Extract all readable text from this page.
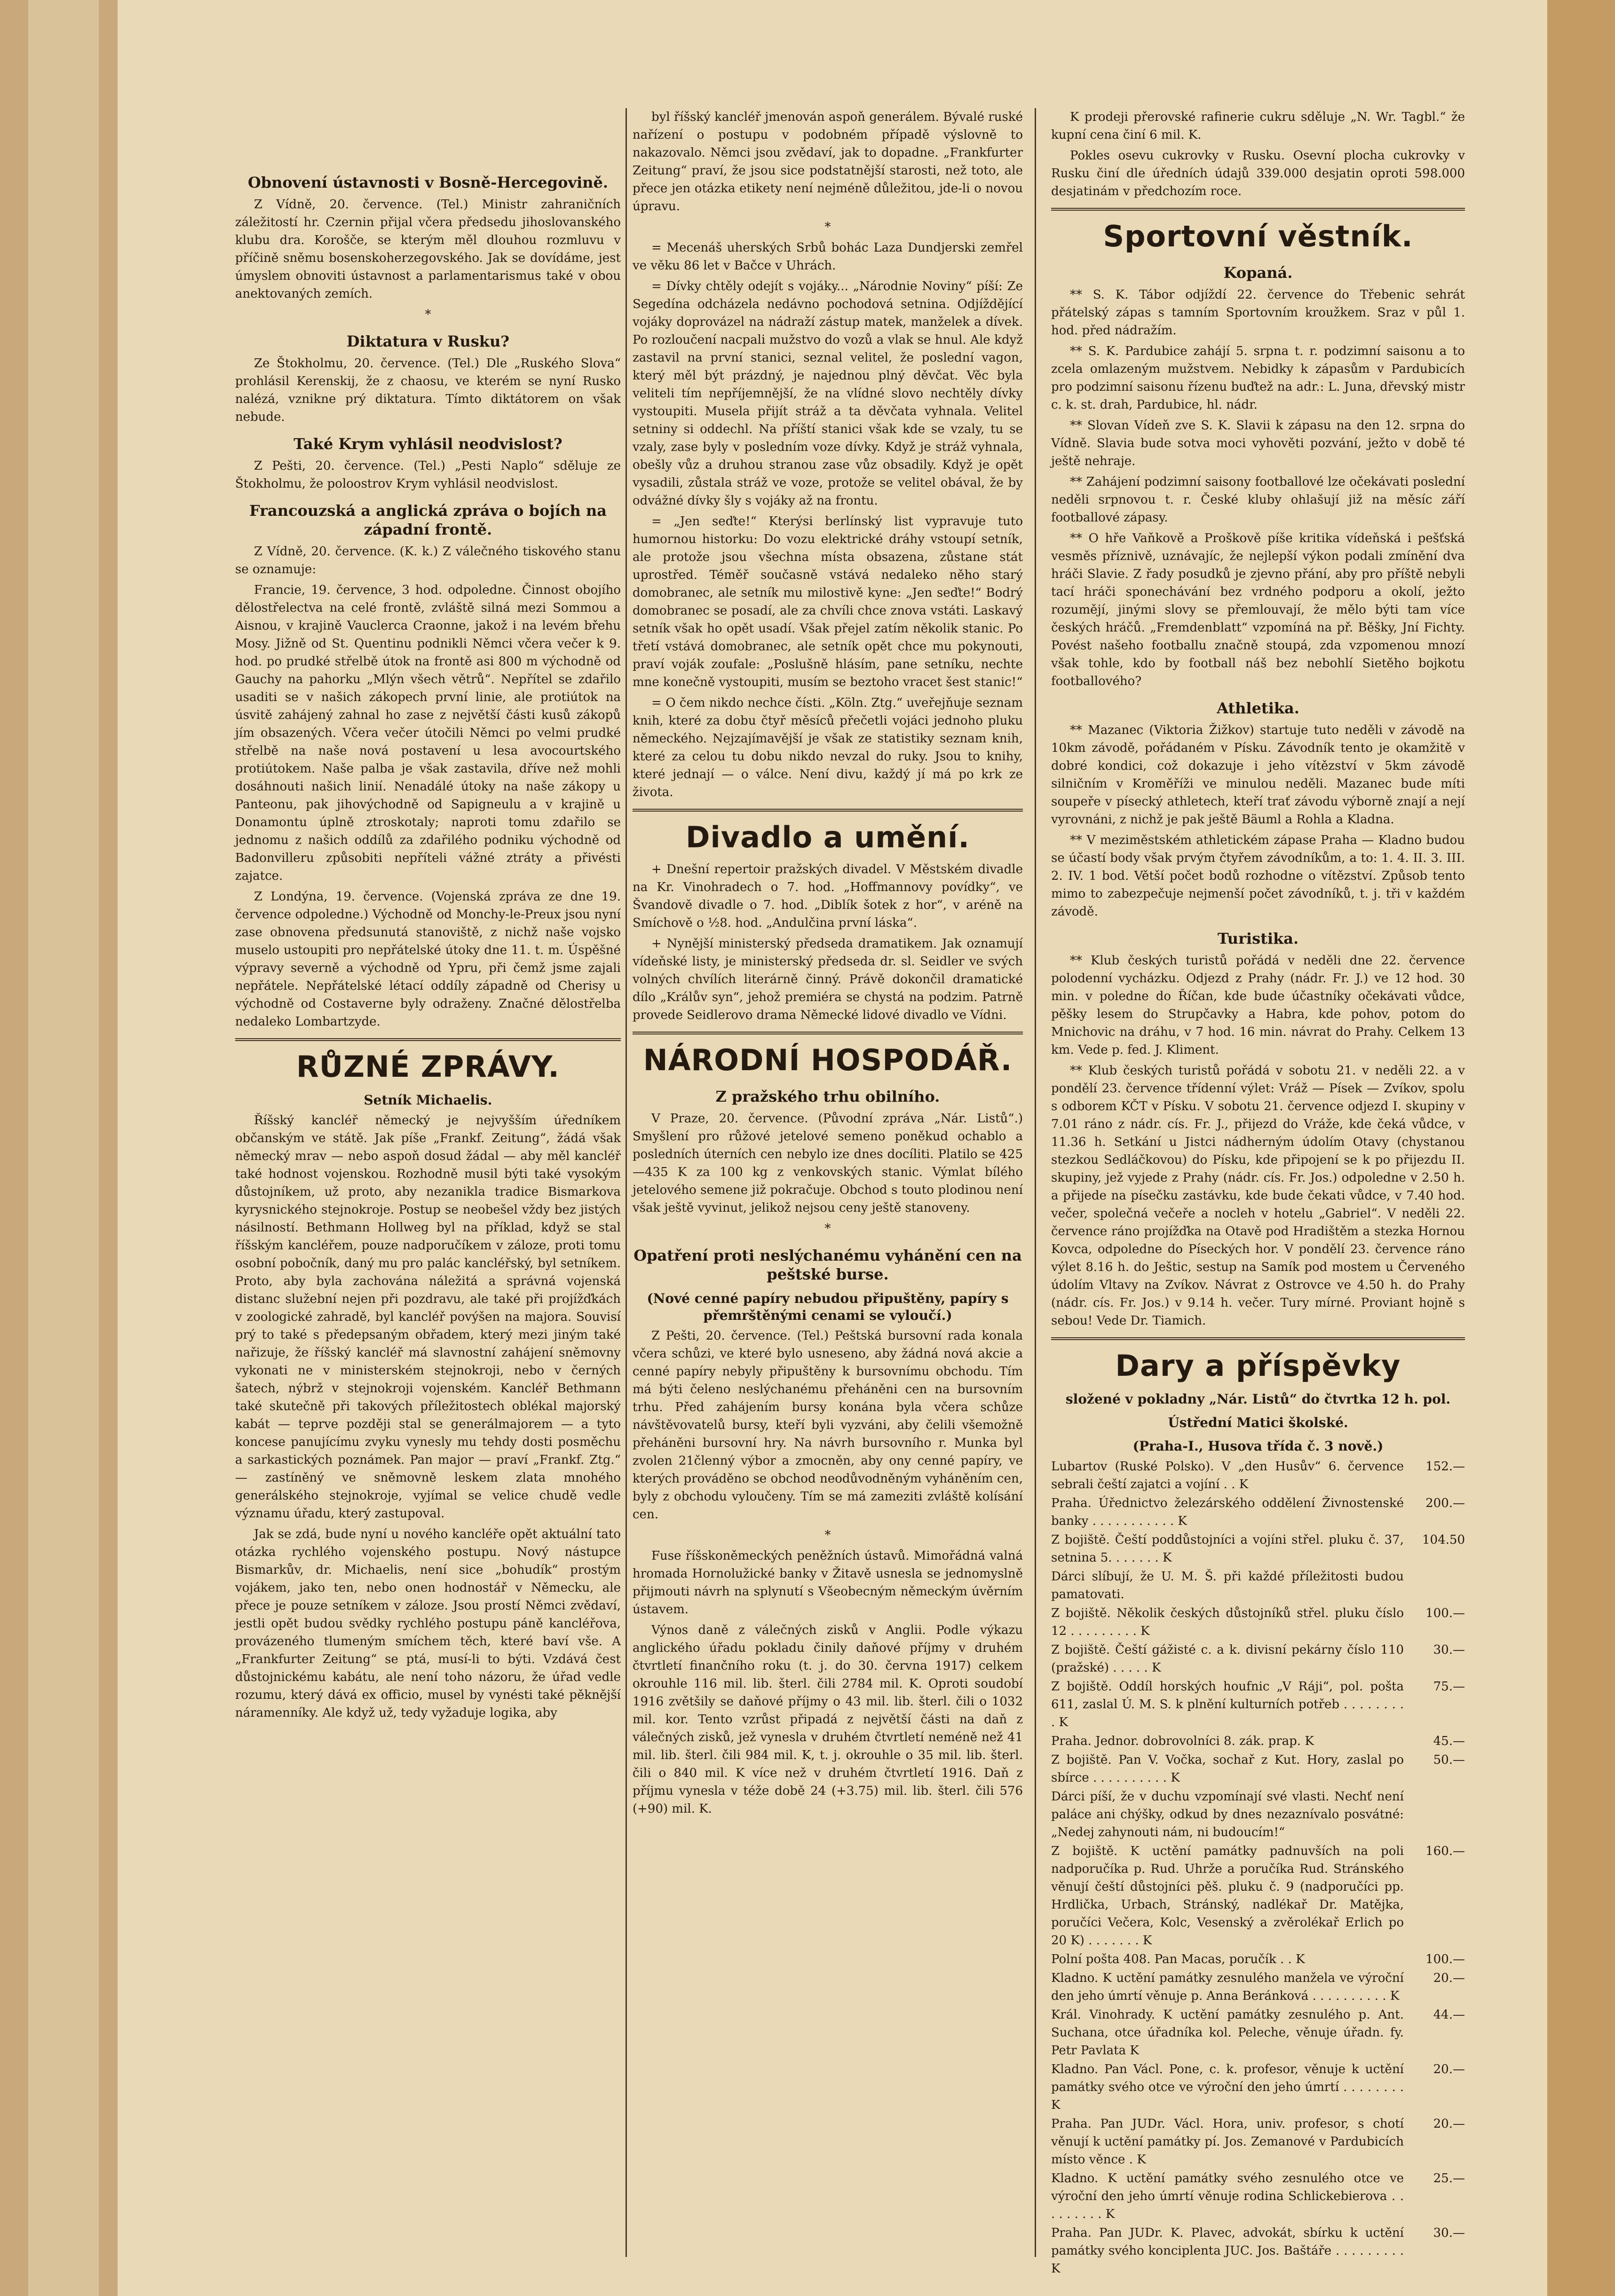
Obnovení ústavnosti v Bosně-Hercegovině.

Z Vídně, 20. července. (Tel.) Ministr zahraničních záležitostí hr. Czernin přijal včera předsedu jihoslovanského klubu dra. Korošče, se kterým měl dlouhou rozmluvu v příčině sněmu bosenskoherzegovského. Jak se dovídáme, jest úmyslem obnoviti ústavnost a parlamentarismus také v obou anektovaných zemích.

*
Diktatura v Rusku?

Ze Štokholmu, 20. července. (Tel.) Dle „Ruského Slova“ prohlásil Kerenskij, že z chaosu, ve kterém se nyní Rusko nalézá, vznikne prý diktatura. Tímto diktátorem on však nebude.

Také Krym vyhlásil neodvislost?

Z Pešti, 20. července. (Tel.) „Pesti Naplo“ sděluje ze Štokholmu, že poloostrov Krym vyhlásil neodvislost.

Francouzská a anglická zpráva o bojích na západní frontě.

Z Vídně, 20. července. (K. k.) Z válečného tiskového stanu se oznamuje:

Francie, 19. července, 3 hod. odpoledne. Činnost obojího dělostřelectva na celé frontě, zvláště silná mezi Sommou a Aisnou, v krajině Vauclerca Craonne, jakož i na levém břehu Mosy. Jižně od St. Quentinu podnikli Němci včera večer k 9. hod. po prudké střelbě útok na frontě asi 800 m východně od Gauchy na pahorku „Mlýn všech větrů“. Nepřítel se zdařilo usaditi se v našich zákopech první linie, ale protiútok na úsvitě zahájený zahnal ho zase z největší části kusů zákopů jím obsazených. Včera večer útočili Němci po velmi prudké střelbě na naše nová postavení u lesa avocourtského protiútokem. Naše palba je však zastavila, dříve než mohli dosáhnouti našich linií. Nenadálé útoky na naše zákopy u Panteonu, pak jihovýchodně od Sapigneulu a v krajině u Donamontu úplně ztroskotaly; naproti tomu zdařilo se jednomu z našich oddílů za zdařilého podniku východně od Badonvilleru způsobiti nepříteli vážné ztráty a přivésti zajatce.

Z Londýna, 19. července. (Vojenská zpráva ze dne 19. července odpoledne.) Východně od Monchy-le-Preux jsou nyní zase obnovena předsunutá stanoviště, z nichž naše vojsko muselo ustoupiti pro nepřátelské útoky dne 11. t. m. Úspěšné výpravy severně a východně od Ypru, při čemž jsme zajali nepřátele. Nepřátelské létací oddíly západně od Cherisy u východně od Costaverne byly odraženy. Značné dělostřelba nedaleko Lombartzyde.

RŮZNÉ ZPRÁVY.
Setník Michaelis.

Říšský kancléř německý je nejvyšším úředníkem občanským ve státě. Jak píše „Frankf. Zeitung“, žádá však německý mrav — nebo aspoň dosud žádal — aby měl kancléř také hodnost vojenskou. Rozhodně musil býti také vysokým důstojníkem, už proto, aby nezanikla tradice Bismarkova kyrysnického stejnokroje. Postup se neobešel vždy bez jistých násilností. Bethmann Hollweg byl na příklad, když se stal říšským kancléřem, pouze nadporučíkem v záloze, proti tomu osobní pobočník, daný mu pro palác kancléřský, byl setníkem. Proto, aby byla zachována náležitá a správná vojenská distanc služební nejen při pozdravu, ale také při projížďkách v zoologické zahradě, byl kancléř povýšen na majora. Souvisí prý to také s předepsaným obřadem, který mezi jiným také nařizuje, že říšský kancléř má slavnostní zahájení sněmovny vykonati ne v ministerském stejnokroji, nebo v černých šatech, nýbrž v stejnokroji vojenském. Kancléř Bethmann také skutečně při takových příležitostech oblékal majorský kabát — teprve později stal se generálmajorem — a tyto koncese panujícímu zvyku vynesly mu tehdy dosti posměchu a sarkastických poznámek. Pan major — praví „Frankf. Ztg.“ — zastíněný ve sněmovně leskem zlata mnohého generálského stejnokroje, vyjímal se velice chudě vedle významu úřadu, který zastupoval.

Jak se zdá, bude nyní u nového kancléře opět aktuální tato otázka rychlého vojenského postupu. Nový nástupce Bismarkův, dr. Michaelis, není sice „bohudík“ prostým vojákem, jako ten, nebo onen hodnostář v Německu, ale přece je pouze setníkem v záloze. Jsou prostí Němci zvědaví, jestli opět budou svědky rychlého postupu páně kancléřova, provázeného tlumeným smíchem těch, které baví vše. A „Frankfurter Zeitung“ se ptá, musí-li to býti. Vzdává čest důstojnickému kabátu, ale není toho názoru, že úřad vedle rozumu, který dává ex officio, musel by vynésti také pěknější náramenníky. Ale když už, tedy vyžaduje logika, aby

byl říšský kancléř jmenován aspoň generálem. Bývalé ruské nařízení o postupu v podobném případě výslovně to nakazovalo. Němci jsou zvědaví, jak to dopadne. „Frankfurter Zeitung“ praví, že jsou sice podstatnější starosti, než toto, ale přece jen otázka etikety není nejméně důležitou, jde-li o novou úpravu.

*

= Mecenáš uherských Srbů bohác Laza Dundjerski zemřel ve věku 86 let v Bačce v Uhrách.

= Dívky chtěly odejít s vojáky... „Národnie Noviny“ píší: Ze Segedína odcházela nedávno pochodová setnina. Odjíždějící vojáky doprovázel na nádraží zástup matek, manželek a dívek. Po rozloučení nacpali mužstvo do vozů a vlak se hnul. Ale když zastavil na první stanici, seznal velitel, že poslední vagon, který měl být prázdný, je najednou plný děvčat. Věc byla veliteli tím nepříjemnější, že na vlídné slovo nechtěly dívky vystoupiti. Musela přijít stráž a ta děvčata vyhnala. Velitel setniny si oddechl. Na příští stanici však kde se vzaly, tu se vzaly, zase byly v posledním voze dívky. Když je stráž vyhnala, obešly vůz a druhou stranou zase vůz obsadily. Když je opět vysadili, zůstala stráž ve voze, protože se velitel obával, že by odvážné dívky šly s vojáky až na frontu.

= „Jen seďte!“ Kterýsi berlínský list vypravuje tuto humornou historku: Do vozu elektrické dráhy vstoupí setník, ale protože jsou všechna místa obsazena, zůstane stát uprostřed. Téměř současně vstává nedaleko něho starý domobranec, ale setník mu milostivě kyne: „Jen seďte!“ Bodrý domobranec se posadí, ale za chvíli chce znova vstáti. Laskavý setník však ho opět usadí. Však přejel zatím několik stanic. Po třetí vstává domobranec, ale setník opět chce mu pokynouti, praví voják zoufale: „Poslušně hlásím, pane setníku, nechte mne konečně vystoupiti, musím se beztoho vracet šest stanic!“

= O čem nikdo nechce čísti. „Köln. Ztg.“ uveřejňuje seznam knih, které za dobu čtyř měsíců přečetli vojáci jednoho pluku německého. Nejzajímavější je však ze statistiky seznam knih, které za celou tu dobu nikdo nevzal do ruky. Jsou to knihy, které jednají — o válce. Není divu, každý jí má po krk ze života.

Divadlo a umění.

+ Dnešní repertoir pražských divadel. V Městském divadle na Kr. Vinohradech o 7. hod. „Hoffmannovy povídky“, ve Švandově divadle o 7. hod. „Diblík šotek z hor“, v aréně na Smíchově o ½8. hod. „Andulčina první láska“.

+ Nynější ministerský předseda dramatikem. Jak oznamují vídeňské listy, je ministerský předseda dr. sl. Seidler ve svých volných chvílích literárně činný. Právě dokončil dramatické dílo „Králův syn“, jehož premiéra se chystá na podzim. Patrně provede Seidlerovo drama Německé lidové divadlo ve Vídni.

NÁRODNÍ HOSPODÁŘ.
Z pražského trhu obilního.

V Praze, 20. července. (Původní zpráva „Nár. Listů“.) Smyšlení pro růžové jetelové semeno poněkud ochablo a posledních úterních cen nebylo ize dnes docíliti. Platilo se 425—435 K za 100 kg z venkovských stanic. Výmlat bílého jetelového semene již pokračuje. Obchod s touto plodinou není však ještě vyvinut, jelikož nejsou ceny ještě stanoveny.

*
Opatření proti neslýchanému vyhánění cen na peštské burse.
(Nové cenné papíry nebudou připuštěny, papíry s přemrštěnými cenami se vyloučí.)

Z Pešti, 20. července. (Tel.) Peštská bursovní rada konala včera schůzi, ve které bylo usneseno, aby žádná nová akcie a cenné papíry nebyly připuštěny k bursovnímu obchodu. Tím má býti čeleno neslýchanému přeháněni cen na bursovním trhu. Před zahájením bursy konána byla včera schůze návštěvovatelů bursy, kteří byli vyzváni, aby čelili všemožně přeháněni bursovní hry. Na návrh bursovního r. Munka byl zvolen 21členný výbor a zmocněn, aby ony cenné papíry, ve kterých prováděno se obchod neodůvodněným vyháněním cen, byly z obchodu vyloučeny. Tím se má zameziti zvláště kolísání cen.

*

Fuse říšskoněmeckých peněžních ústavů. Mimořádná valná hromada Hornolužické banky v Žitavě usnesla se jednomyslně přijmouti návrh na splynutí s Všeobecným německým úvěrním ústavem.

Výnos daně z válečných zisků v Anglii. Podle výkazu anglického úřadu pokladu činily daňové příjmy v druhém čtvrtletí finančního roku (t. j. do 30. června 1917) celkem okrouhle 116 mil. lib. šterl. čili 2784 mil. K. Oproti soudobí 1916 zvětšily se daňové příjmy o 43 mil. lib. šterl. čili o 1032 mil. kor. Tento vzrůst připadá z největší části na daň z válečných zisků, jež vynesla v druhém čtvrtletí neméně než 41 mil. lib. šterl. čili 984 mil. K, t. j. okrouhle o 35 mil. lib. šterl. čili o 840 mil. K více než v druhém čtvrtletí 1916. Daň z příjmu vynesla v téže době 24 (+3.75) mil. lib. šterl. čili 576 (+90) mil. K.

K prodeji přerovské rafinerie cukru sděluje „N. Wr. Tagbl.“ že kupní cena činí 6 mil. K.

Pokles osevu cukrovky v Rusku. Osevní plocha cukrovky v Rusku činí dle úředních údajů 339.000 desjatin oproti 598.000 desjatinám v předchozím roce.

Sportovní věstník.
Kopaná.

** S. K. Tábor odjíždí 22. července do Třebenic sehrát přátelský zápas s tamním Sportovním kroužkem. Sraz v půl 1. hod. před nádražím.

** S. K. Pardubice zahájí 5. srpna t. r. podzimní saisonu a to zcela omlazeným mužstvem. Nebidky k zápasům v Pardubicích pro podzimní saisonu řízenu buďtež na adr.: L. Juna, dřevský mistr c. k. st. drah, Pardubice, hl. nádr.

** Slovan Vídeň zve S. K. Slavii k zápasu na den 12. srpna do Vídně. Slavia bude sotva moci vyhověti pozvání, ježto v době té ještě nehraje.

** Zahájení podzimní saisony footballové lze očekávati poslední neděli srpnovou t. r. České kluby ohlašují již na měsíc září footballové zápasy.

** O hře Vaňkově a Proškově píše kritika vídeňská i pešťská vesměs příznivě, uznávajíc, že nejlepší výkon podali zmínění dva hráči Slavie. Z řady posudků je zjevno přání, aby pro příště nebyli tací hráči sponechávání bez vrdného podporu a okolí, ježto rozumějí, jinými slovy se přemlouvají, že mělo býti tam více českých hráčů. „Fremdenblatt“ vzpomíná na př. Běšky, Jní Fichty. Povést našeho footballu značně stoupá, zda vzpomenou mnozí však tohle, kdo by football náš bez nebohlí Sietěho bojkotu footballového?

Athletika.

** Mazanec (Viktoria Žižkov) startuje tuto neděli v závodě na 10km závodě, pořádaném v Písku. Závodník tento je okamžitě v dobré kondici, což dokazuje i jeho vítězství v 5km závodě silničním v Kroměříži ve minulou neděli. Mazanec bude míti soupeře v písecký athletech, kteří trať závodu výborně znají a nejí vyrovnáni, z nichž je pak ještě Bäuml a Rohla a Kladna.

** V meziměstském athletickém zápase Praha — Kladno budou se účastí body však prvým čtyřem závodníkům, a to: 1. 4. II. 3. III. 2. IV. 1 bod. Větší počet bodů rozhodne o vítězství. Způsob tento mimo to zabezpečuje nejmenší počet závodníků, t. j. tři v každém závodě.

Turistika.

** Klub českých turistů pořádá v neděli dne 22. července polodenní vycházku. Odjezd z Prahy (nádr. Fr. J.) ve 12 hod. 30 min. v poledne do Říčan, kde bude účastníky očekávati vůdce, pěšky lesem do Strupčavky a Habra, kde pohov, potom do Mnichovic na dráhu, v 7 hod. 16 min. návrat do Prahy. Celkem 13 km. Vede p. fed. J. Kliment.

** Klub českých turistů pořádá v sobotu 21. v neděli 22. a v pondělí 23. července třídenní výlet: Vráž — Písek — Zvíkov, spolu s odborem KČT v Písku. V sobotu 21. července odjezd I. skupiny v 7.01 ráno z nádr. cís. Fr. J., přijezd do Vráže, kde čeká vůdce, v 11.36 h. Setkání u Jistci nádherným údolím Otavy (chystanou stezkou Sedláčkovou) do Písku, kde připojení se k po přijezdu II. skupiny, jež vyjede z Prahy (nádr. cís. Fr. Jos.) odpoledne v 2.50 h. a přijede na písečku zastávku, kde bude čekati vůdce, v 7.40 hod. večer, společná večeře a nocleh v hotelu „Gabriel“. V neděli 22. července ráno projížďka na Otavě pod Hradištěm a stezka Hornou Kovca, odpoledne do Píseckých hor. V pondělí 23. července ráno výlet 8.16 h. do Ještic, sestup na Samík pod mostem u Červeného údolím Vltavy na Zvíkov. Návrat z Ostrovce ve 4.50 h. do Prahy (nádr. cís. Fr. Jos.) v 9.14 h. večer. Tury mírné. Proviant hojně s sebou! Vede Dr. Tiamich.

Dary a příspěvky
složené v pokladny „Nár. Listů“ do čtvrtka 12 h. pol.
Ústřední Matici školské.
(Praha-I., Husova třída č. 3 nově.)
Lubartov (Ruské Polsko). V „den Husův“ 6. července sebrali čeští zajatci a vojíní . . K
152.—
Praha. Úřednictvo železárského oddělení Živnostenské banky . . . . . . . . . . . K
200.—
Z bojiště. Čeští poddůstojníci a vojíni střel. pluku č. 37, setnina 5. . . . . . . K
104.50
Dárci slíbují, že U. M. Š. při každé příležitosti budou pamatovati.
Z bojiště. Několik českých důstojníků střel. pluku číslo 12 . . . . . . . . . K
100.—
Z bojiště. Čeští gážisté c. a k. divisní pekárny číslo 110 (pražské) . . . . . K
30.—
Z bojiště. Oddíl horských houfnic „V Ráji“, pol. pošta 611, zaslal Ú. M. S. k plnění kulturních potřeb . . . . . . . . . K
75.—
Praha. Jednor. dobrovolníci 8. zák. prap. K	45.—
Z bojiště. Pan V. Vočka, sochař z Kut. Hory, zaslal po sbírce . . . . . . . . . . K
50.—
Dárci píší, že v duchu vzpomínají své vlasti. Nechť není paláce ani chýšky, odkud by dnes nezaznívalo posvátné: „Nedej zahynouti nám, ni budoucím!“
Z bojiště. K uctění památky padnuvších na poli nadporučíka p. Rud. Uhrže a poručíka Rud. Stránského věnují čeští důstojníci pěš. pluku č. 9 (nadporučíci pp. Hrdlička, Urbach, Stránský, nadlékař Dr. Matějka, poručíci Večera, Kolc, Vesenský a zvěrolékař Erlich po 20 K) . . . . . . . K
160.—
Polní pošta 408. Pan Macas, poručík . . K	100.—
Kladno. K uctění památky zesnulého manžela ve výroční den jeho úmrtí věnuje p. Anna Beránková . . . . . . . . . . K
20.—
Král. Vinohrady. K uctění památky zesnulého p. Ant. Suchana, otce úřadníka kol. Peleche, věnuje úřadn. fy. Petr Pavlata K
44.—
Kladno. Pan Václ. Pone, c. k. profesor, věnuje k uctění památky svého otce ve výroční den jeho úmrtí . . . . . . . . K
20.—
Praha. Pan JUDr. Václ. Hora, univ. profesor, s chotí věnují k uctění památky pí. Jos. Zemanové v Pardubicích místo věnce . K
20.—
Kladno. K uctění památky svého zesnulého otce ve výroční den jeho úmrtí věnuje rodina Schlickebierova . . . . . . . . . K
25.—
Praha. Pan JUDr. K. Plavec, advokát, sbírku k uctění památky svého konciplenta JUC. Jos. Baštáře . . . . . . . . . K
30.—
